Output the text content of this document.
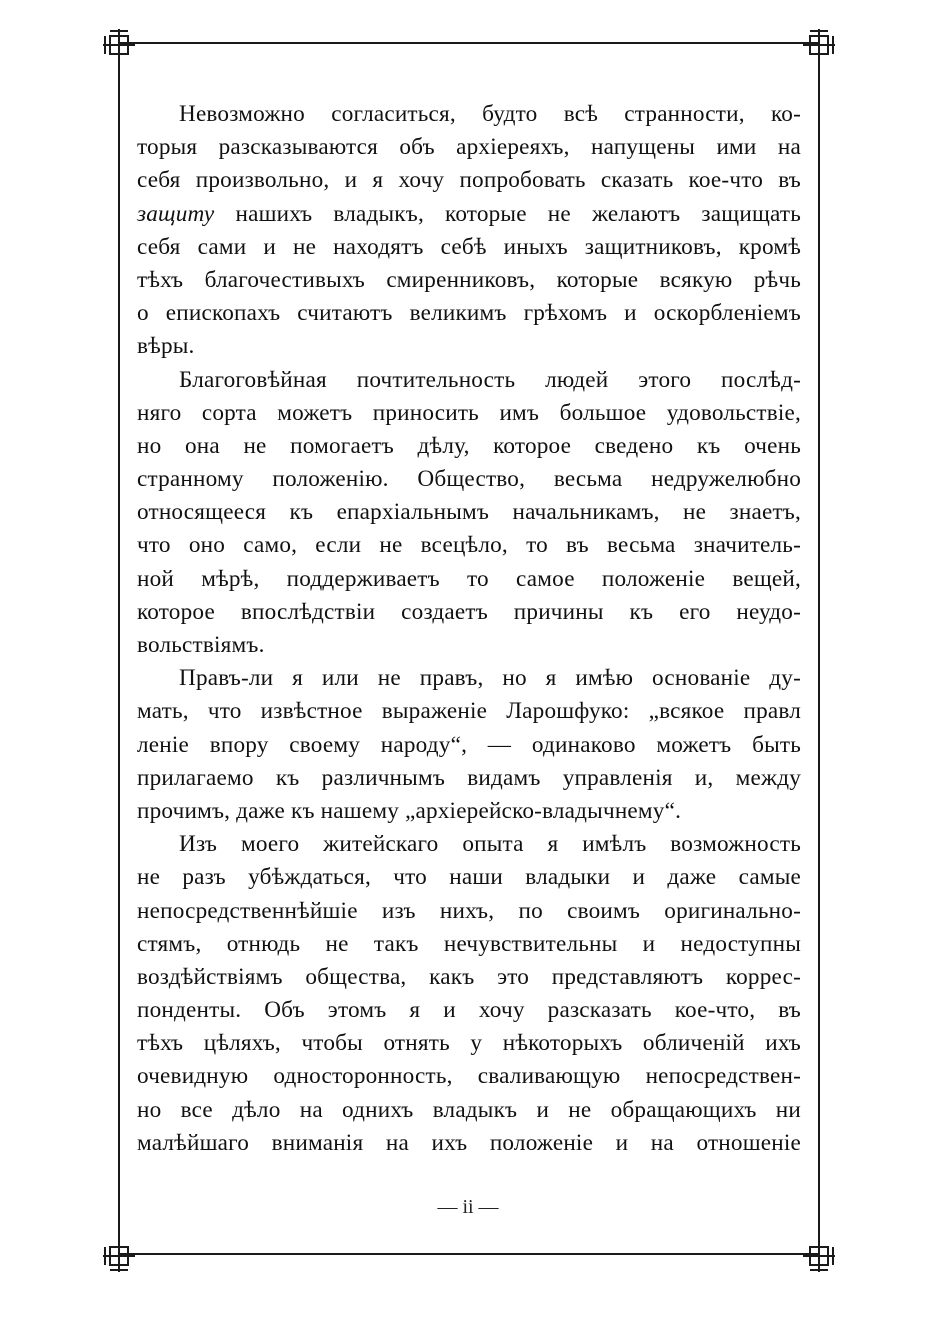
Невозможно согласиться, будто всѣ странности, ко-
торыя разсказываются объ архіереяхъ, напущены ими на
себя произвольно, и я хочу попробовать сказать кое-что въ
защиту нашихъ владыкъ, которые не желаютъ защищать
себя сами и не находятъ себѣ иныхъ защитниковъ, кромѣ
тѣхъ благочестивыхъ смиренниковъ, которые всякую рѣчь
о епископахъ считаютъ великимъ грѣхомъ и оскорбленіемъ
вѣры.
Благоговѣйная почтительность людей этого послѣд-
няго сорта можетъ приносить имъ большое удовольствіе,
но она не помогаетъ дѣлу, которое сведено къ очень
странному положенію. Общество, весьма недружелюбно
относящееся къ епархіальнымъ начальникамъ, не знаетъ,
что оно само, если не всецѣло, то въ весьма значитель-
ной мѣрѣ, поддерживаетъ то самое положеніе вещей,
которое впослѣдствіи создаетъ причины къ его неудо-
вольствіямъ.
Правъ-ли я или не правъ, но я имѣю основаніе ду-
мать, что извѣстное выраженіе Ларошфуко: „всякое правл
леніе впору своему народу“, — одинаково можетъ быть
прилагаемо къ различнымъ видамъ управленія и, между
прочимъ, даже къ нашему „архіерейско-владычнему“.
Изъ моего житейскаго опыта я имѣлъ возможность
не разъ убѣждаться, что наши владыки и даже самые
непосредственнѣйшіе изъ нихъ, по своимъ оригинально-
стямъ, отнюдь не такъ нечувствительны и недоступны
воздѣйствіямъ общества, какъ это представляютъ коррес-
понденты. Объ этомъ я и хочу разсказать кое-что, въ
тѣхъ цѣляхъ, чтобы отнять у нѣкоторыхъ обличеній ихъ
очевидную односторонность, сваливающую непосредствен-
но все дѣло на однихъ владыкъ и не обращающихъ ни
малѣйшаго вниманія на ихъ положеніе и на отношеніе
— ii —
